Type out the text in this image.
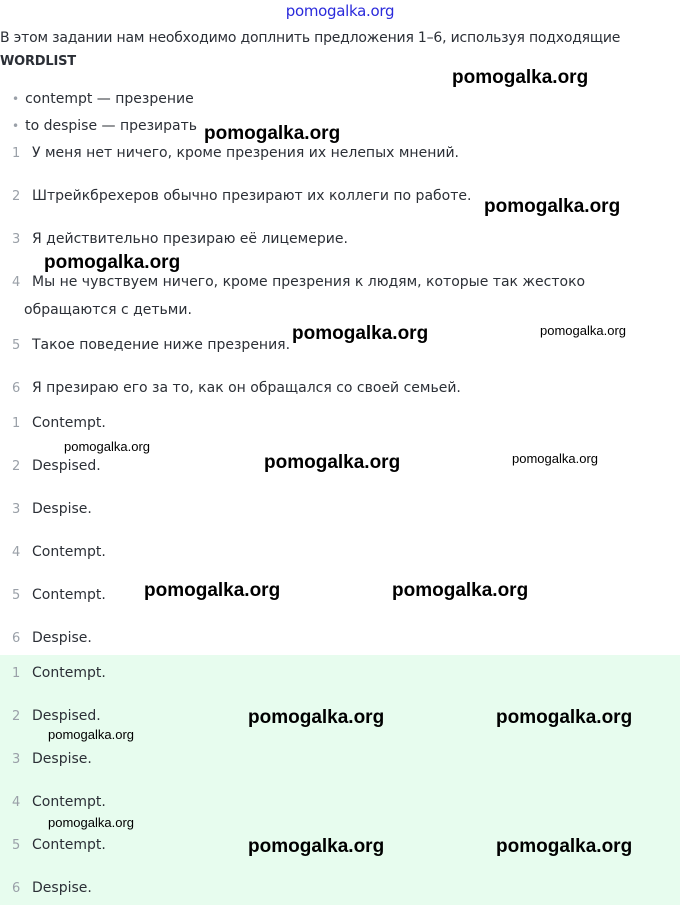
pomogalka.org
В этом задании нам необходимо доплнить предложения 1–6, используя подходящие
WORDLIST
• contempt — презрение
• to despise — презирать
1 У меня нет ничего, кроме презрения их нелепых мнений.
2 Штрейкбрехеров обычно презирают их коллеги по работе.
3 Я действительно презираю её лицемерие.
4 Мы не чувствуем ничего, кроме презрения к людям, которые так жестоко
обращаются с детьми.
5 Такое поведение ниже презрения.
6 Я презираю его за то, как он обращался со своей семьей.
1 Contempt.
2 Despised.
3 Despise.
4 Contempt.
5 Contempt.
6 Despise.
1 Contempt.
2 Despised.
3 Despise.
4 Contempt.
5 Contempt.
6 Despise.
pomogalka.org
pomogalka.org
pomogalka.org
pomogalka.org
pomogalka.org	pomogalka.org
pomogalka.org
pomogalka.org	pomogalka.org
pomogalka.org	pomogalka.org
pomogalka.org	pomogalka.org
pomogalka.org
pomogalka.org
pomogalka.org	pomogalka.org
